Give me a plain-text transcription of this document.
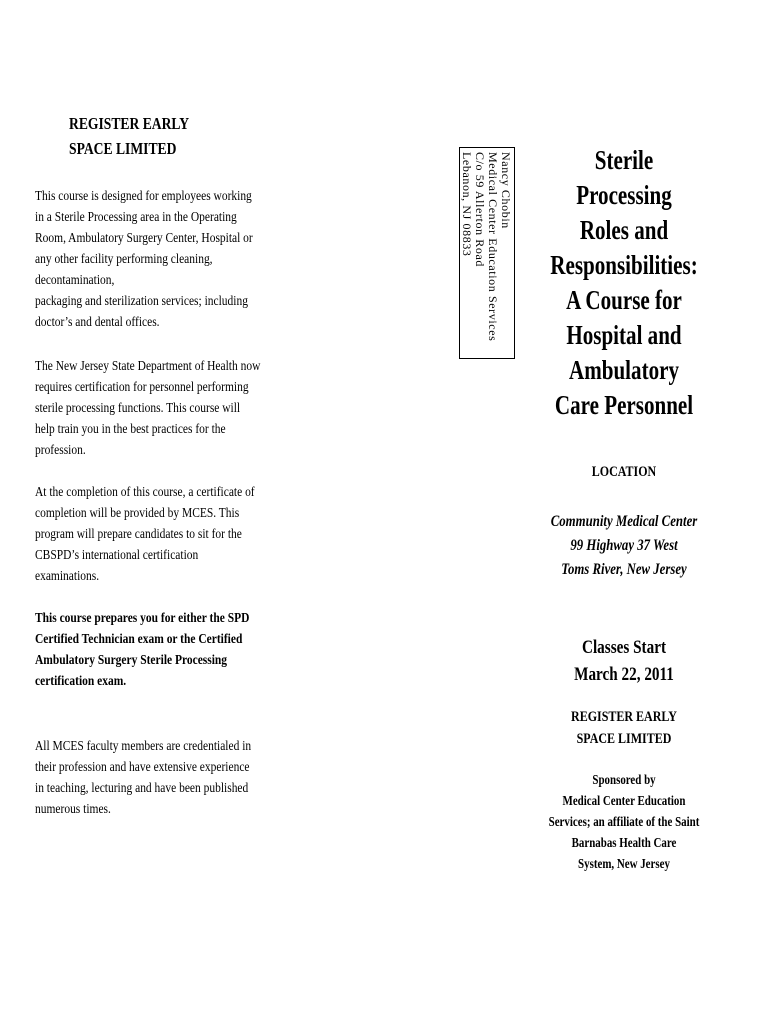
REGISTER EARLY
SPACE LIMITED
This course is designed for employees working
in a Sterile Processing area in the Operating
Room, Ambulatory Surgery Center, Hospital or
any other facility performing cleaning,
decontamination,
packaging and sterilization services; including
doctor’s and dental offices.
The New Jersey State Department of Health now
requires certification for personnel performing
sterile processing functions. This course will
help train you in the best practices for the
profession.
At the completion of this course, a certificate of
completion will be provided by MCES. This
program will prepare candidates to sit for the
CBSPD’s international certification
examinations.
This course prepares you for either the SPD
Certified Technician exam or the Certified
Ambulatory Surgery Sterile Processing
certification exam.
All MCES faculty members are credentialed in
their profession and have extensive experience
in teaching, lecturing and have been published
numerous times.
Nancy Chobin
Medical Center Education Services
C/o 59 Allerton Road
Lebanon, NJ 08833	Sterile
Processing
Roles and
Responsibilities:
A Course for
Hospital and
Ambulatory
Care Personnel
LOCATION
Community Medical Center
99 Highway 37 West
Toms River, New Jersey
Classes Start
March 22, 2011
REGISTER EARLY
SPACE LIMITED
Sponsored by
Medical Center Education
Services; an affiliate of the Saint
Barnabas Health Care
System, New Jersey
